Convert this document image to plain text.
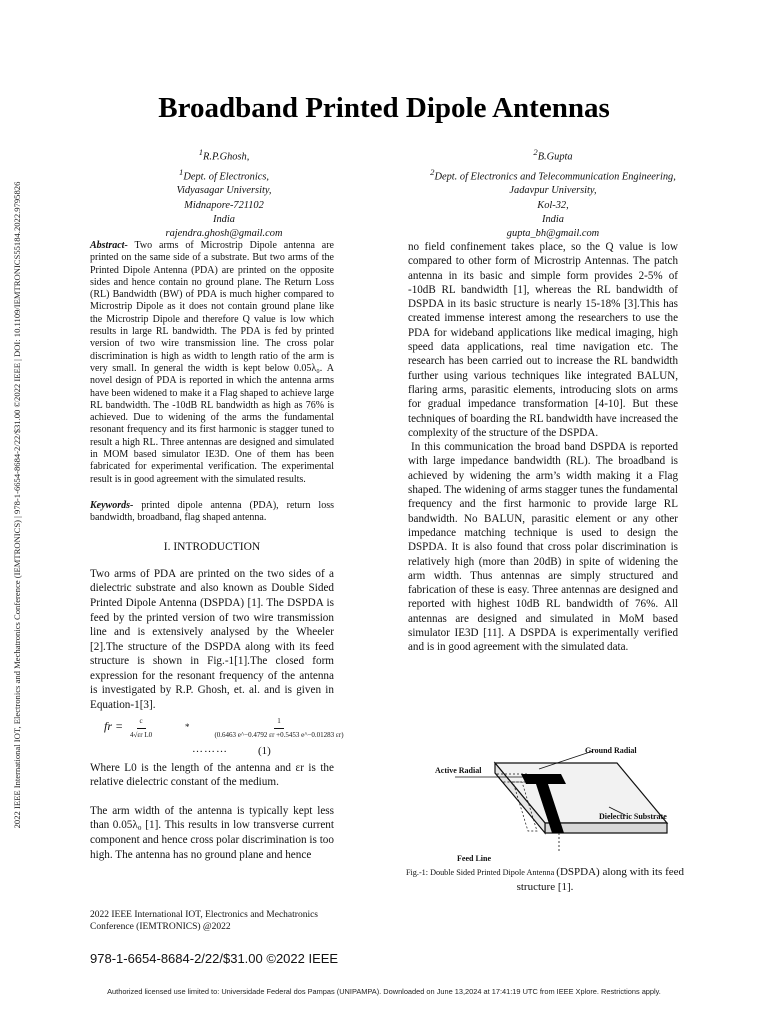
2022 IEEE International IOT, Electronics and Mechatronics Conference (IEMTRONICS) | 978-1-6654-8684-2/22/$31.00 ©2022 IEEE | DOI: 10.1109/IEMTRONICS55184.2022.9795826
Broadband Printed Dipole Antennas
$^1$R.P.Ghosh,
$^1$Dept. of Electronics,
Vidyasagar University,
Midnapore-721102
India
rajendra.ghosh@gmail.com
$^2$B.Gupta
$^2$Dept. of Electronics and Telecommunication Engineering,
Jadavpur University,
Kol-32,
India
gupta_bh@gmail.com

Abstract- Two arms of Microstrip Dipole antenna are printed on the same side of a substrate. But two arms of the Printed Dipole Antenna (PDA) are printed on the opposite sides and hence contain no ground plane. The Return Loss (RL) Bandwidth (BW) of PDA is much higher compared to Microstrip Dipole as it does not contain ground plane like the Microstrip Dipole and therefore Q value is low which results in large RL bandwidth. The PDA is fed by printed version of two wire transmission line. The cross polar discrimination is high as width to length ratio of the arm is very small. In general the width is kept below 0.05λ₀. A novel design of PDA is reported in which the antenna arms have been widened to make it a Flag shaped to achieve large RL bandwidth. The -10dB RL bandwidth as high as 76% is achieved. Due to widening of the arms the fundamental resonant frequency and its first harmonic is stagger tuned to result a high RL. Three antennas are designed and simulated in MOM based simulator IE3D. One of them has been fabricated for experimental verification. The experimental result is in good agreement with the simulated results.

Keywords- printed dipole antenna (PDA), return loss bandwidth, broadband, flag shaped antenna.

I. INTRODUCTION

Two arms of PDA are printed on the two sides of a dielectric substrate and also known as Double Sided Printed Dipole Antenna (DSPDA) [1]. The DSPDA is feed by the printed version of two wire transmission line and is extensively analysed by the Wheeler [2].The structure of the DSPDA along with its feed structure is shown in Fig.-1[1].The closed form expression for the resonant frequency of the antenna is investigated by R.P. Ghosh, et. al. and is given in Equation-1[3].

fr = $\frac{c}{\text{4√εr L0}}$	* $\frac{1}{(0.6463 e\^{}-0.4792 \varepsilon r +0.5453 e\^{}-0.01283 \varepsilon r)}$
………	(1)

Where L0 is the length of the antenna and εr is the relative dielectric constant of the medium.

The arm width of the antenna is typically kept less than 0.05λ₀ [1]. This results in low transverse current component and hence cross polar discrimination is too high. The antenna has no ground plane and hence

2022 IEEE International IOT, Electronics and Mechatronics Conference (IEMTRONICS) @2022

no field confinement takes place, so the Q value is low compared to other form of Microstrip Antennas. The patch antenna in its basic and simple form provides 2-5% of -10dB RL bandwidth [1], whereas the RL bandwidth of DSPDA in its basic structure is nearly 15-18% [3].This has created immense interest among the researchers to use the PDA for wideband applications like medical imaging, high speed data applications, real time navigation etc. The research has been carried out to increase the RL bandwidth further using various techniques like integrated BALUN, flaring arms, parasitic elements, introducing slots on arms for gradual impedance transformation [4-10]. But these techniques of boarding the RL bandwidth have increased the complexity of the structure of the DSPDA.

In this communication the broad band DSPDA is reported with large impedance bandwidth (RL). The broadband is achieved by widening the arm’s width making it a Flag shaped. The widening of arms stagger tunes the fundamental frequency and the first harmonic to provide large RL bandwidth. No BALUN, parasitic element or any other impedance matching technique is used to design the DSPDA. It is also found that cross polar discrimination is relatively high (more than 20dB) in spite of widening the arm width. Thus antennas are simply structured and fabrication of these is easy. Three antennas are designed and reported with highest 10dB RL bandwidth of 76%. All antennas are designed and simulated in MoM based simulator IE3D [11]. A DSPDA is experimentally verified and is in good agreement with the simulated data.

Ground Radial
Active Radial
Dielectric Substrate
Feed Line
Fig.-1: Double Sided Printed Dipole Antenna (DSPDA) along with its feed structure [1].
978-1-6654-8684-2/22/$31.00 ©2022 IEEE
Authorized licensed use limited to: Universidade Federal dos Pampas (UNIPAMPA). Downloaded on June 13,2024 at 17:41:19 UTC from IEEE Xplore. Restrictions apply.
